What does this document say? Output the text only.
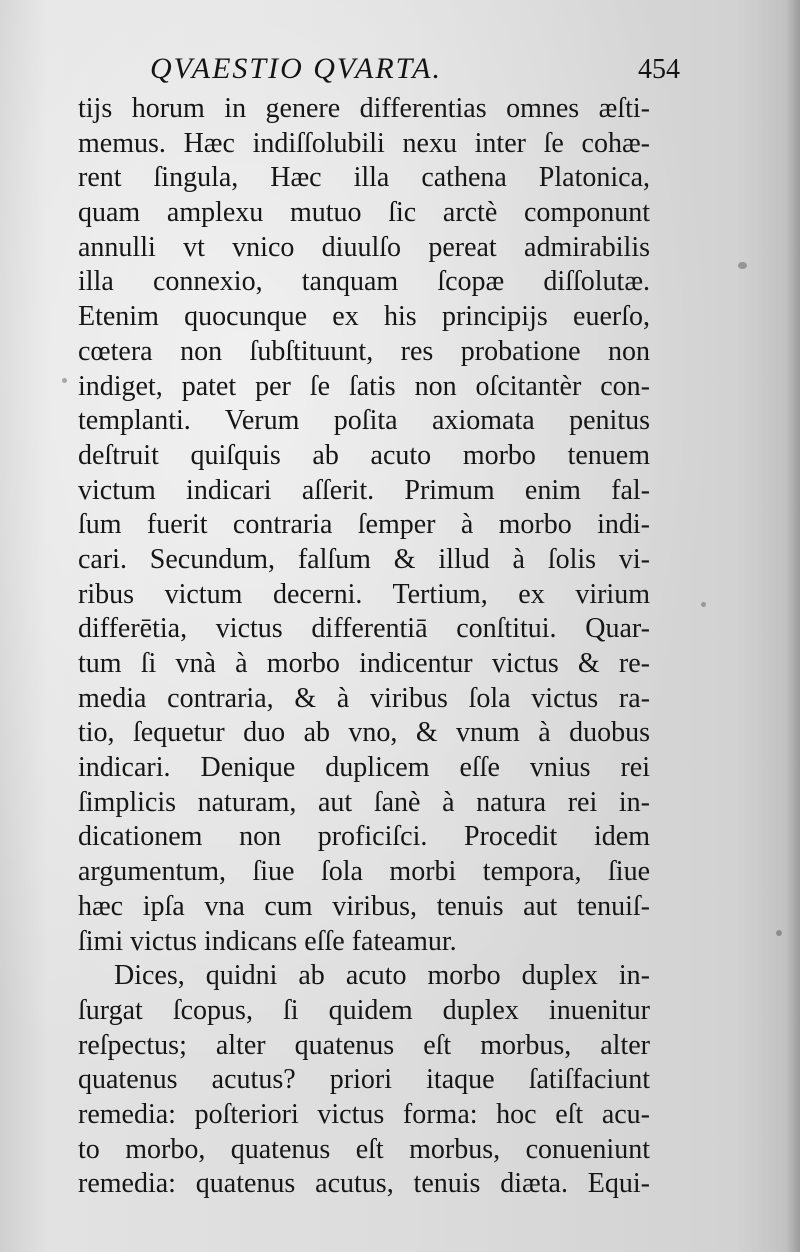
QVAESTIO QVARTA.	454
tijs horum in genere differentias omnes æſti-
memus. Hæc indiſſolubili nexu inter ſe cohæ-
rent ſingula, Hæc illa cathena Platonica,
quam amplexu mutuo ſic arctè componunt
annulli vt vnico diuulſo pereat admirabilis
illa connexio, tanquam ſcopæ diſſolutæ.
Etenim quocunque ex his principijs euerſo,
cœtera non ſubſtituunt, res probatione non
indiget, patet per ſe ſatis non oſcitantèr con-
templanti. Verum poſita axiomata penitus
deſtruit quiſquis ab acuto morbo tenuem
victum indicari aſſerit. Primum enim fal-
ſum fuerit contraria ſemper à morbo indi-
cari. Secundum, falſum & illud à ſolis vi-
ribus victum decerni. Tertium, ex virium
differētia, victus differentiā conſtitui. Quar-
tum ſi vnà à morbo indicentur victus & re-
media contraria, & à viribus ſola victus ra-
tio, ſequetur duo ab vno, & vnum à duobus
indicari. Denique duplicem eſſe vnius rei
ſimplicis naturam, aut ſanè à natura rei in-
dicationem non proficiſci. Procedit idem
argumentum, ſiue ſola morbi tempora, ſiue
hæc ipſa vna cum viribus, tenuis aut tenuiſ-
ſimi victus indicans eſſe fateamur.
Dices, quidni ab acuto morbo duplex in-
ſurgat ſcopus, ſi quidem duplex inuenitur
reſpectus; alter quatenus eſt morbus, alter
quatenus acutus? priori itaque ſatiſfaciunt
remedia: poſteriori victus forma: hoc eſt acu-
to morbo, quatenus eſt morbus, conueniunt
remedia: quatenus acutus, tenuis diæta. Equi-
